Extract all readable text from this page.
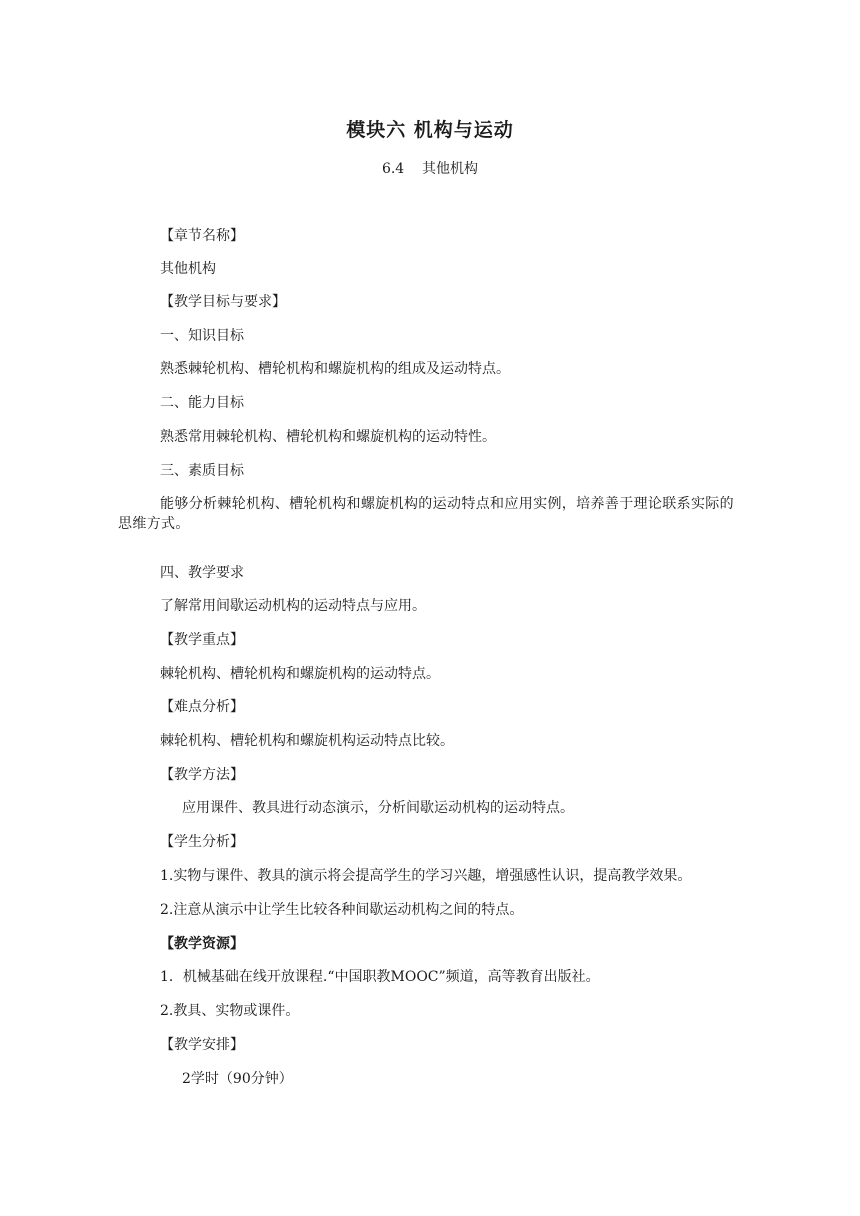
模块六 机构与运动
6.4    其他机构
【章节名称】
其他机构
【教学目标与要求】
一、知识目标
熟悉棘轮机构、槽轮机构和螺旋机构的组成及运动特点。
二、能力目标
熟悉常用棘轮机构、槽轮机构和螺旋机构的运动特性。
三、素质目标
能够分析棘轮机构、槽轮机构和螺旋机构的运动特点和应用实例，培养善于理论联系实际的思维方式。
四、教学要求
了解常用间歇运动机构的运动特点与应用。
【教学重点】
棘轮机构、槽轮机构和螺旋机构的运动特点。
【难点分析】
棘轮机构、槽轮机构和螺旋机构运动特点比较。
【教学方法】
应用课件、教具进行动态演示，分析间歇运动机构的运动特点。
【学生分析】
1.实物与课件、教具的演示将会提高学生的学习兴趣，增强感性认识，提高教学效果。
2.注意从演示中让学生比较各种间歇运动机构之间的特点。
【教学资源】
1．机械基础在线开放课程.“中国职教MOOC”频道，高等教育出版社。
2.教具、实物或课件。
【教学安排】
2学时（90分钟）
